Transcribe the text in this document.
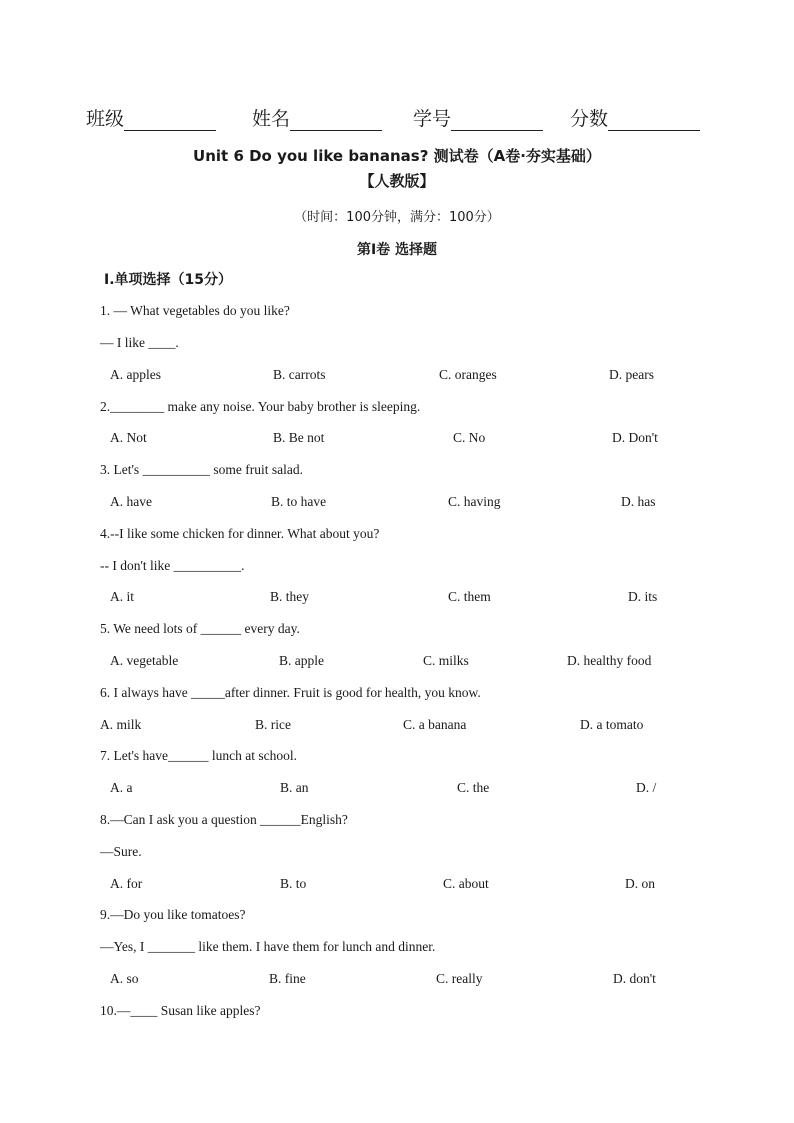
班级	姓名	学号	分数
Unit 6 Do you like bananas? 测试卷（A卷·夯实基础）
【人教版】
（时间：100分钟，满分：100分）
第Ⅰ卷 选择题
Ⅰ.单项选择（15分）
1. — What vegetables do you like?
— I like ____.
A. apples	B. carrots	C. oranges	D. pears
2.________ make any noise. Your baby brother is sleeping.
A. Not	B. Be not	C. No	D. Don't
3. Let's __________ some fruit salad.
A. have	B. to have	C. having	D. has
4.--I like some chicken for dinner. What about you?
-- I don't like __________.
A. it	B. they	C. them	D. its
5. We need lots of ______ every day.
A. vegetable	B. apple	C. milks	D. healthy food
6. I always have _____after dinner. Fruit is good for health, you know.
A. milk	B. rice	C. a banana	D. a tomato
7. Let's have______ lunch at school.
A. a	B. an	C. the	D. /
8.—Can I ask you a question ______English?
—Sure.
A. for	B. to	C. about	D. on
9.—Do you like tomatoes?
—Yes, I _______ like them. I have them for lunch and dinner.
A. so	B. fine	C. really	D. don't
10.—____ Susan like apples?
